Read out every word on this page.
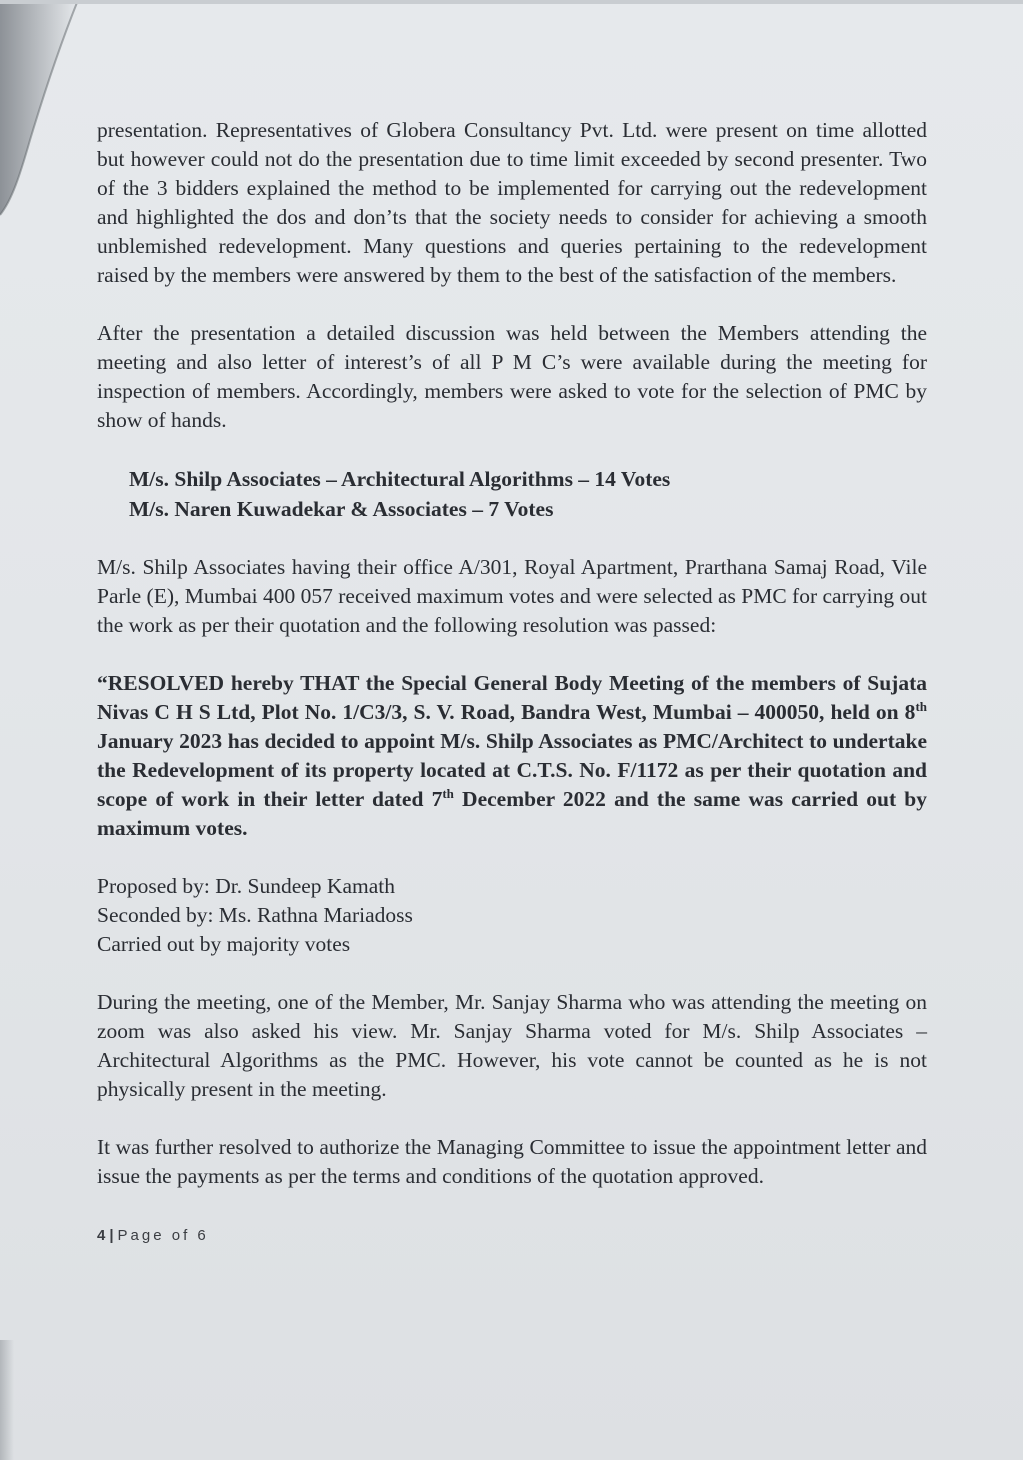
presentation. Representatives of Globera Consultancy Pvt. Ltd. were present on time allotted but however could not do the presentation due to time limit exceeded by second presenter. Two of the 3 bidders explained the method to be implemented for carrying out the redevelopment and highlighted the dos and don’ts that the society needs to consider for achieving a smooth unblemished redevelopment. Many questions and queries pertaining to the redevelopment raised by the members were answered by them to the best of the satisfaction of the members.

After the presentation a detailed discussion was held between the Members attending the meeting and also letter of interest’s of all P M C’s were available during the meeting for inspection of members. Accordingly, members were asked to vote for the selection of PMC by show of hands.

M/s. Shilp Associates – Architectural Algorithms – 14 Votes
M/s. Naren Kuwadekar & Associates – 7 Votes

M/s. Shilp Associates having their office A/301, Royal Apartment, Prarthana Samaj Road, Vile Parle (E), Mumbai 400 057 received maximum votes and were selected as PMC for carrying out the work as per their quotation and the following resolution was passed:

“RESOLVED hereby THAT the Special General Body Meeting of the members of Sujata Nivas C H S Ltd, Plot No. 1/C3/3, S. V. Road, Bandra West, Mumbai – 400050, held on 8th January 2023 has decided to appoint M/s. Shilp Associates as PMC/Architect to undertake the Redevelopment of its property located at C.T.S. No. F/1172 as per their quotation and scope of work in their letter dated 7th December 2022 and the same was carried out by maximum votes.

Proposed by: Dr. Sundeep Kamath
Seconded by: Ms. Rathna Mariadoss
Carried out by majority votes

During the meeting, one of the Member, Mr. Sanjay Sharma who was attending the meeting on zoom was also asked his view. Mr. Sanjay Sharma voted for M/s. Shilp Associates – Architectural Algorithms as the PMC. However, his vote cannot be counted as he is not physically present in the meeting.

It was further resolved to authorize the Managing Committee to issue the appointment letter and issue the payments as per the terms and conditions of the quotation approved.

4 | Page of 6
